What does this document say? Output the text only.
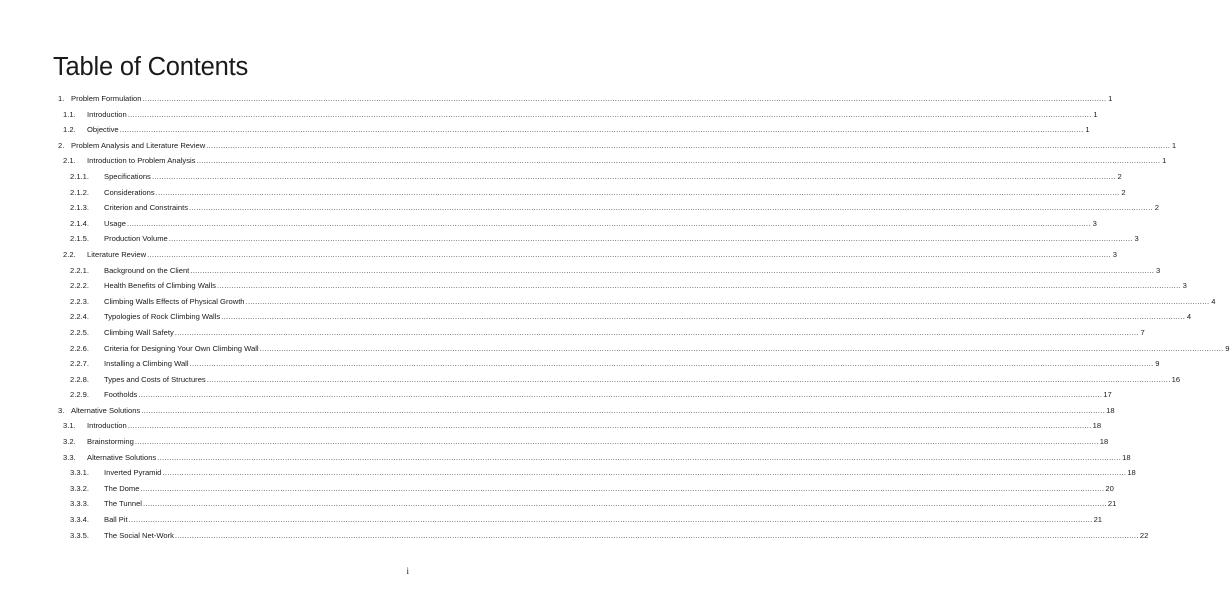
Table of Contents
1. Problem Formulation ................................................................................................................................................................................................................................................................................................................................................................................................................ 1
1.1. Introduction ................................................................................................................................................................................................................................................................................................................................................................................................................ 1
1.2. Objective ................................................................................................................................................................................................................................................................................................................................................................................................................ 1
2. Problem Analysis and Literature Review ................................................................................................................................................................................................................................................................................................................................................................................................................ 1
2.1. Introduction to Problem Analysis ................................................................................................................................................................................................................................................................................................................................................................................................................ 1
2.1.1. Specifications ................................................................................................................................................................................................................................................................................................................................................................................................................ 2
2.1.2. Considerations ................................................................................................................................................................................................................................................................................................................................................................................................................ 2
2.1.3. Criterion and Constraints ................................................................................................................................................................................................................................................................................................................................................................................................................ 2
2.1.4. Usage ................................................................................................................................................................................................................................................................................................................................................................................................................ 3
2.1.5. Production Volume ................................................................................................................................................................................................................................................................................................................................................................................................................ 3
2.2. Literature Review ................................................................................................................................................................................................................................................................................................................................................................................................................ 3
2.2.1. Background on the Client ................................................................................................................................................................................................................................................................................................................................................................................................................ 3
2.2.2. Health Benefits of Climbing Walls ................................................................................................................................................................................................................................................................................................................................................................................................................ 3
2.2.3. Climbing Walls Effects of Physical Growth ................................................................................................................................................................................................................................................................................................................................................................................................................ 4
2.2.4. Typologies of Rock Climbing Walls ................................................................................................................................................................................................................................................................................................................................................................................................................ 4
2.2.5. Climbing Wall Safety ................................................................................................................................................................................................................................................................................................................................................................................................................ 7
2.2.6. Criteria for Designing Your Own Climbing Wall ................................................................................................................................................................................................................................................................................................................................................................................................................ 9
2.2.7. Installing a Climbing Wall ................................................................................................................................................................................................................................................................................................................................................................................................................ 9
2.2.8. Types and Costs of Structures ................................................................................................................................................................................................................................................................................................................................................................................................................ 16
2.2.9. Footholds ................................................................................................................................................................................................................................................................................................................................................................................................................ 17
3. Alternative Solutions ................................................................................................................................................................................................................................................................................................................................................................................................................ 18
3.1. Introduction ................................................................................................................................................................................................................................................................................................................................................................................................................ 18
3.2. Brainstorming ................................................................................................................................................................................................................................................................................................................................................................................................................ 18
3.3. Alternative Solutions ................................................................................................................................................................................................................................................................................................................................................................................................................ 18
3.3.1. Inverted Pyramid ................................................................................................................................................................................................................................................................................................................................................................................................................ 18
3.3.2. The Dome ................................................................................................................................................................................................................................................................................................................................................................................................................ 20
3.3.3. The Tunnel ................................................................................................................................................................................................................................................................................................................................................................................................................ 21
3.3.4. Ball Pit ................................................................................................................................................................................................................................................................................................................................................................................................................ 21
3.3.5. The Social Net-Work ................................................................................................................................................................................................................................................................................................................................................................................................................ 22
i
